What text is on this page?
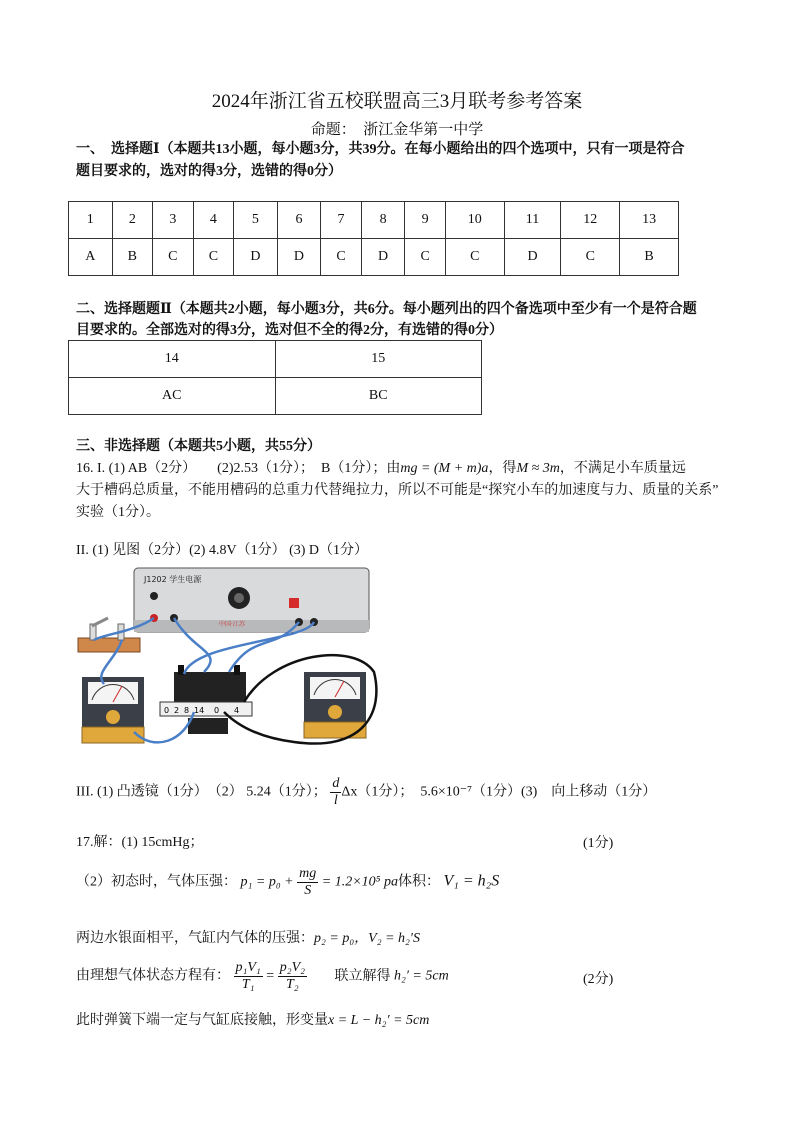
2024年浙江省五校联盟高三3月联考参考答案
命题：　浙江金华第一中学
一、　选择题Ⅰ（本题共13小题，每小题3分，共39分。在每小题给出的四个选项中，只有一项是符合
题目要求的，选对的得3分，选错的得0分）
1	2	3	4	5	6	7	8	9	10	11	12	13
A	B	C	C	D	D	C	D	C	C	D	C	B
二、选择题题Ⅱ（本题共2小题，每小题3分，共6分。每小题列出的四个备选项中至少有一个是符合题
目要求的。全部选对的得3分，选对但不全的得2分，有选错的得0分）
14	15
AC	BC
三、非选择题（本题共5小题，共55分）
16. I. (1) AB（2分）　　(2)2.53（1分）；　B（1分）；由mg = (M + m)a，得M ≈ 3m，不满足小车质量远
大于槽码总质量，不能用槽码的总重力代替绳拉力，所以不可能是“探究小车的加速度与力、质量的关系”
实验（1分）。
II. (1) 见图（2分）(2) 4.8V（1分） (3) D（1分）
J1202 学生电源
中国·江苏
0 2 8 14 0 4
III. (1) 凸透镜（1分）　（2） 5.24（1分）； $\frac{d}{l} \Delta x(1$分）；　5.6×10⁻⁷（1分）(3)　向上移动（1分）
17.解：(1) 15cmHg；	(1分)
（2）初态时，气体压强： $p_1 = p_0 + \frac{mg}{S} = 1.2\times 10^5$ pa体积： V₁ = h₂S
两边水银面相平，气缸内气体的压强：p₂ = p₀，V₂ = h₂′S
由理想气体状态方程有： $\frac{\text{p₁V₁}}{\text{T₁}} = \frac{\text{p₂V₂}}{\text{T₂}}$ 联立解得 h₂′ = 5cm	(2分)
此时弹簧下端一定与气缸底接触，形变量x = L − h₂′ = 5cm
